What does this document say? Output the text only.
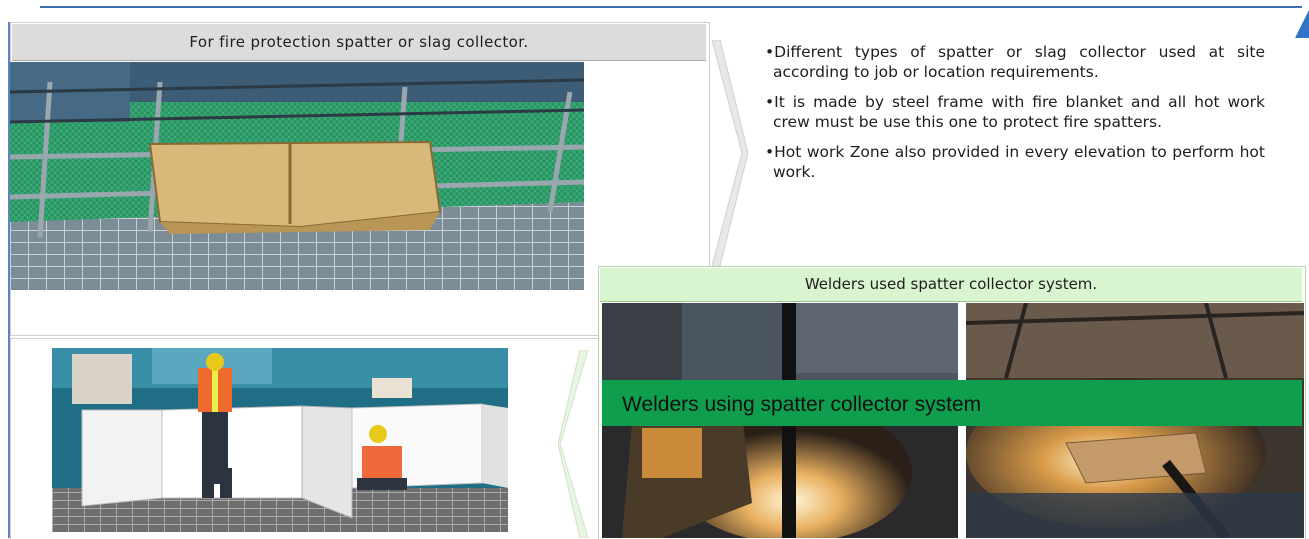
For fire protection spatter or slag collector.

•Different types of spatter or slag collector used at site according to job or location requirements.

•It is made by steel frame with fire blanket and all hot work crew must be use this one to protect fire spatters.

•Hot work Zone also provided in every elevation to perform hot work.

Welders used spatter collector system.
Welders using spatter collector system
